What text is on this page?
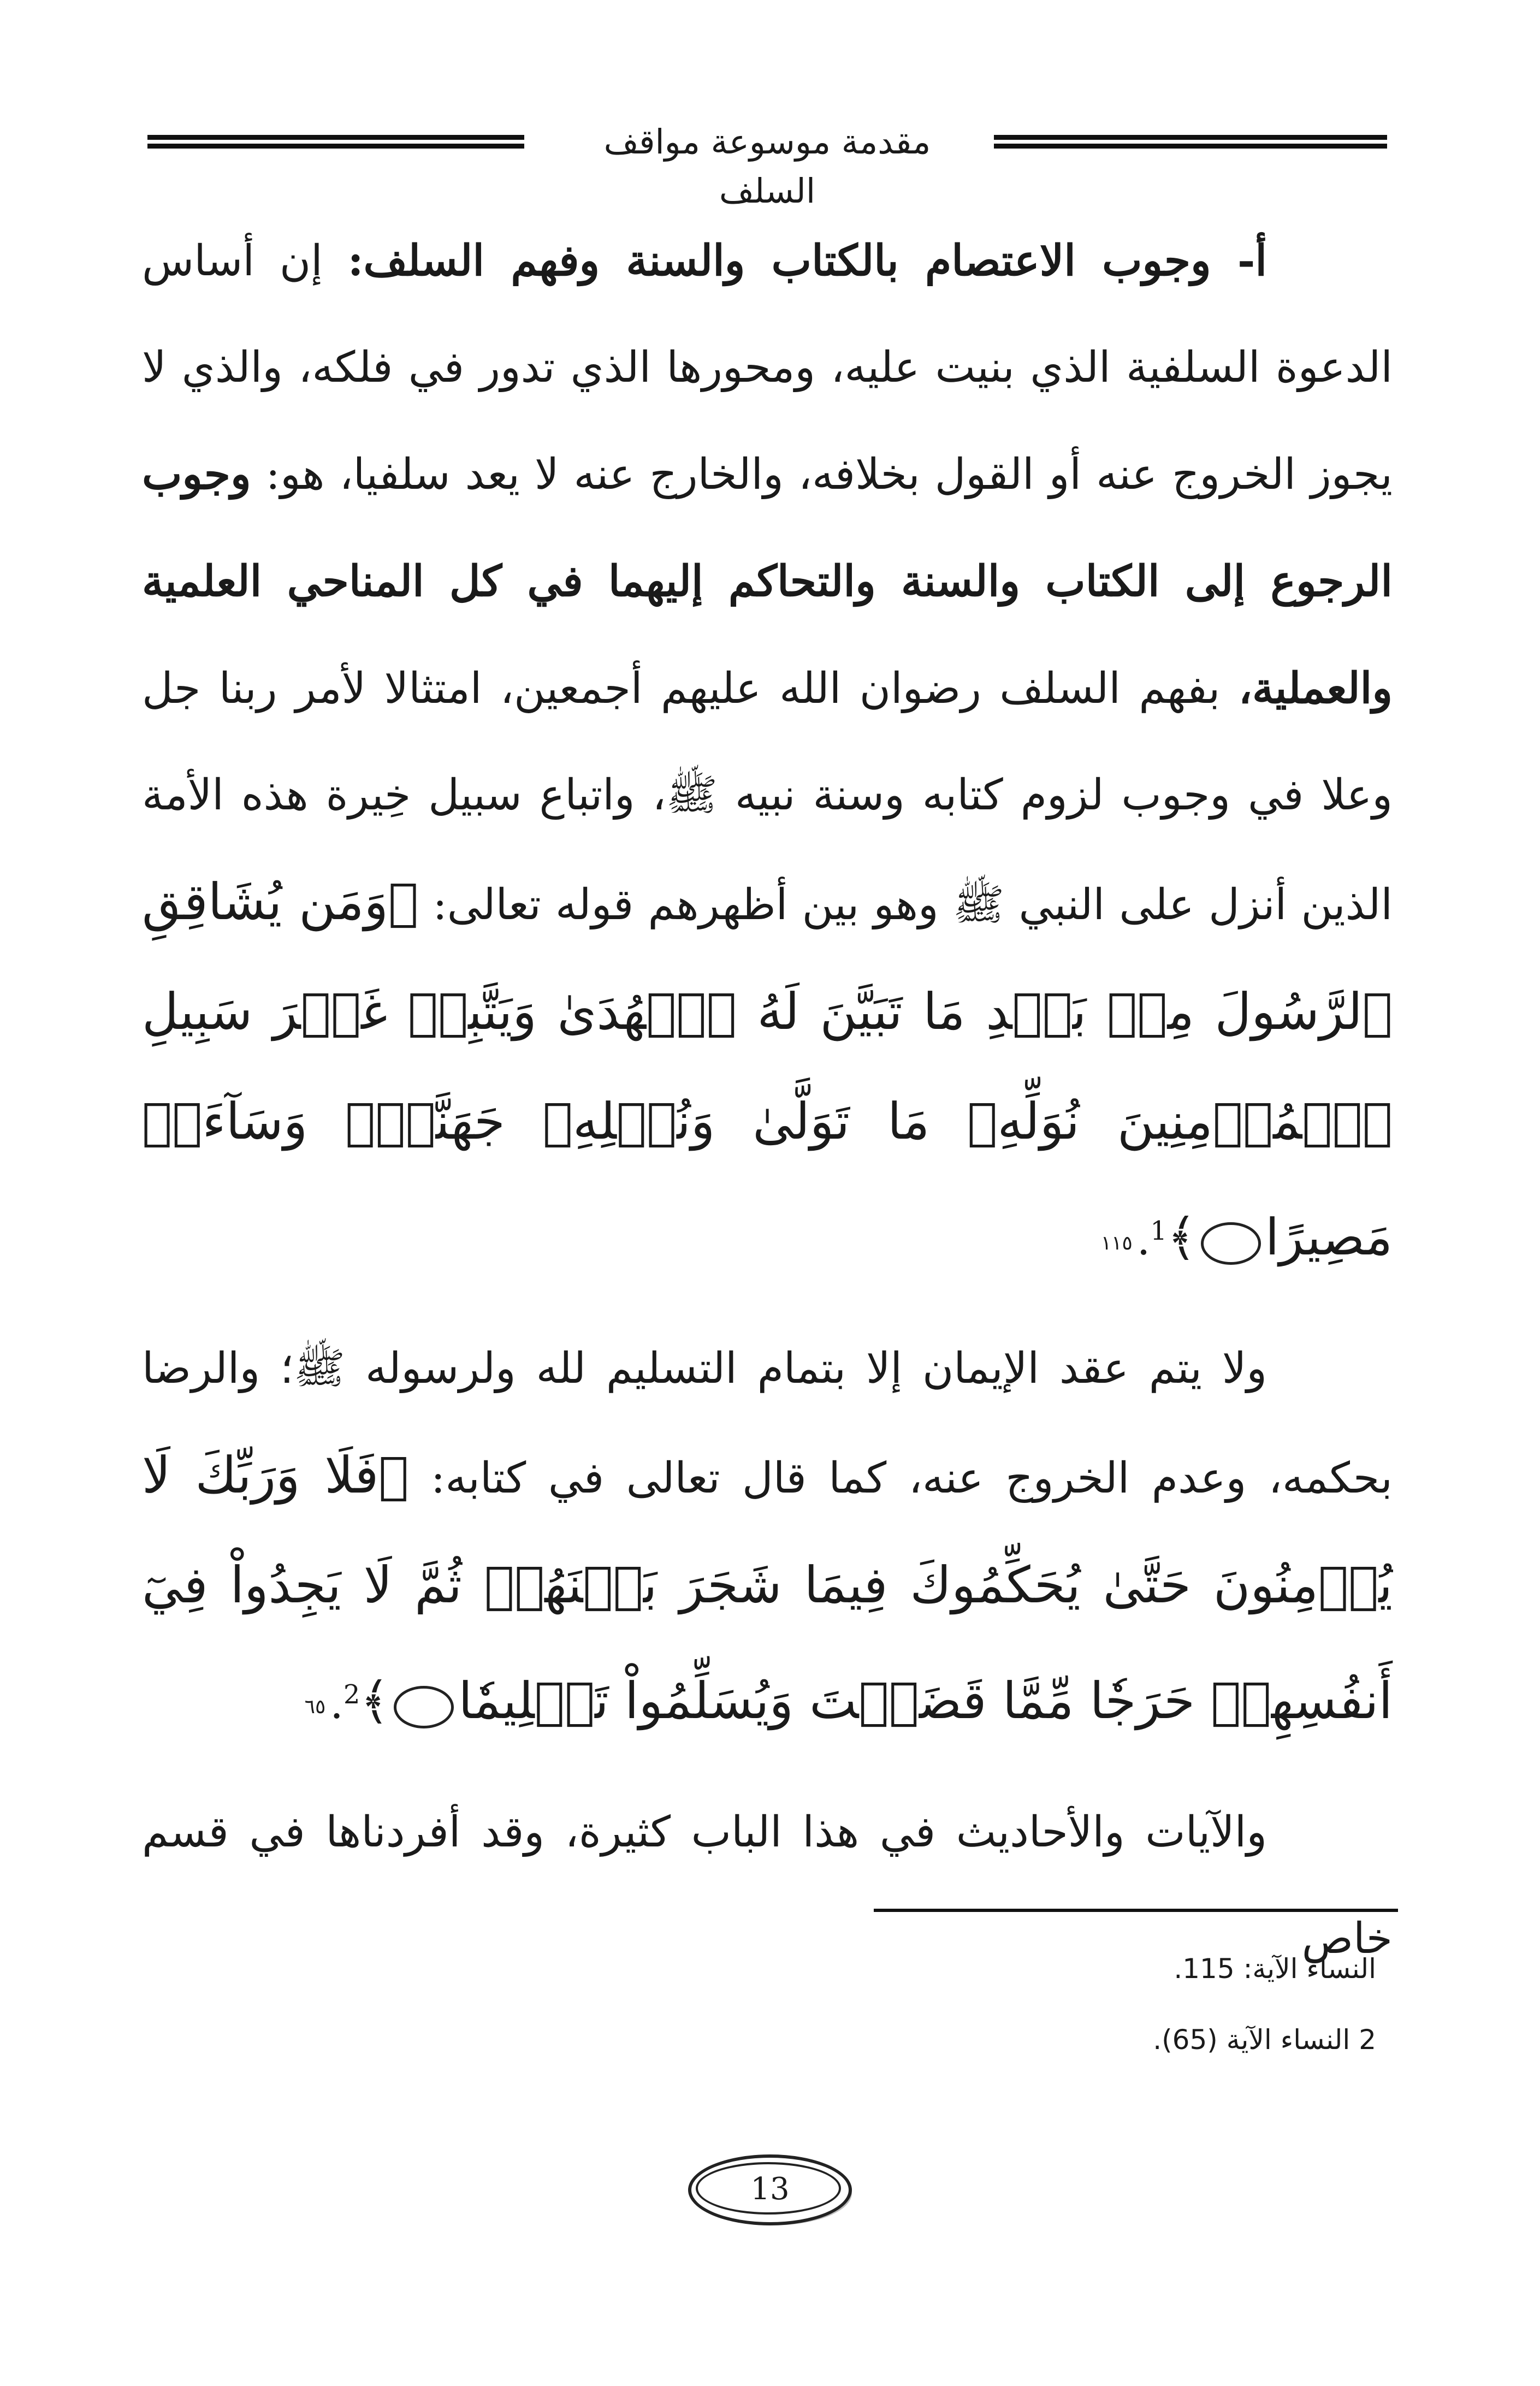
مقدمة موسوعة مواقف السلف

أ- وجوب الاعتصام بالكتاب والسنة وفهم السلف: إن أساس الدعوة السلفية الذي بنيت عليه، ومحورها الذي تدور في فلكه، والذي لا يجوز الخروج عنه أو القول بخلافه، والخارج عنه لا يعد سلفيا، هو: وجوب الرجوع إلى الكتاب والسنة والتحاكم إليهما في كل المناحي العلمية والعملية، بفهم السلف رضوان الله عليهم أجمعين، امتثالا لأمر ربنا جل وعلا في وجوب لزوم كتابه وسنة نبيه ﷺ، واتباع سبيل خِيرة هذه الأمة الذين أنزل على النبي ﷺ وهو بين أظهرهم قوله تعالى: ﴿وَمَن يُشَاقِقِ ٱلرَّسُولَ مِنۢ بَعۡدِ مَا تَبَيَّنَ لَهُ ٱلۡهُدَىٰ وَيَتَّبِعۡ غَيۡرَ سَبِيلِ ٱلۡمُؤۡمِنِينَ نُوَلِّهِۦ مَا تَوَلَّىٰ وَنُصۡلِهِۦ جَهَنَّمَۖ وَسَآءَتۡ مَصِيرًا١١٥ ﴾$^1$.

ولا يتم عقد الإيمان إلا بتمام التسليم لله ولرسوله ﷺ؛ والرضا بحكمه، وعدم الخروج عنه، كما قال تعالى في كتابه: ﴿فَلَا وَرَبِّكَ لَا يُؤۡمِنُونَ حَتَّىٰ يُحَكِّمُوكَ فِيمَا شَجَرَ بَيۡنَهُمۡ ثُمَّ لَا يَجِدُواْ فِيٓ أَنفُسِهِمۡ حَرَجٗا مِّمَّا قَضَيۡتَ وَيُسَلِّمُواْ تَسۡلِيمٗا٦٥ ﴾$^2$.

والآيات والأحاديث في هذا الباب كثيرة، وقد أفردناها في قسم خاص

النساء الآية: 115.

2 النساء الآية (65).

13
